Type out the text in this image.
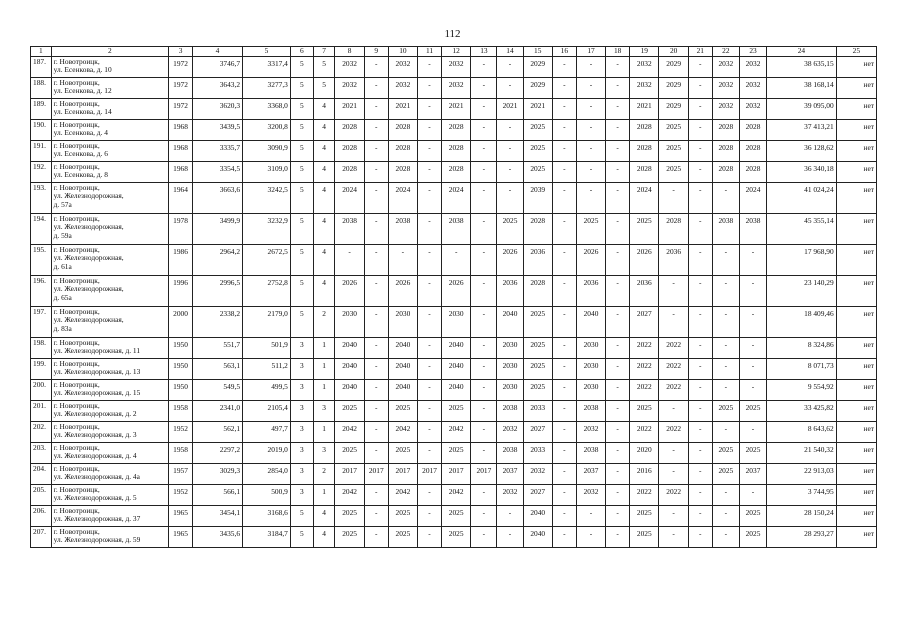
112
1	2	3	4	5	6	7	8	9	10	11	12	13	14	15	16	17	18	19	20	21	22	23	24	25
187.	г. Новотроицк,
ул. Есенкова, д. 10	1972	3746,7	3317,4	5	5	2032	-	2032	-	2032	-	-	2029	-	-	-	2032	2029	-	2032	2032	38 635,15	нет
188.	г. Новотроицк,
ул. Есенкова, д. 12	1972	3643,2	3277,3	5	5	2032	-	2032	-	2032	-	-	2029	-	-	-	2032	2029	-	2032	2032	38 168,14	нет
189.	г. Новотроицк,
ул. Есенкова, д. 14	1972	3620,3	3368,0	5	4	2021	-	2021	-	2021	-	2021	2021	-	-	-	2021	2029	-	2032	2032	39 095,00	нет
190.	г. Новотроицк,
ул. Есенкова, д. 4	1968	3439,5	3200,8	5	4	2028	-	2028	-	2028	-	-	2025	-	-	-	2028	2025	-	2028	2028	37 413,21	нет
191.	г. Новотроицк,
ул. Есенкова, д. 6	1968	3335,7	3090,9	5	4	2028	-	2028	-	2028	-	-	2025	-	-	-	2028	2025	-	2028	2028	36 128,62	нет
192.	г. Новотроицк,
ул. Есенкова, д. 8	1968	3354,5	3109,0	5	4	2028	-	2028	-	2028	-	-	2025	-	-	-	2028	2025	-	2028	2028	36 340,18	нет
193.	г. Новотроицк,
ул. Железнодорожная,
д. 57а	1964	3663,6	3242,5	5	4	2024	-	2024	-	2024	-	-	2039	-	-	-	2024	-	-	-	2024	41 024,24	нет
194.	г. Новотроицк,
ул. Железнодорожная,
д. 59а	1978	3499,9	3232,9	5	4	2038	-	2038	-	2038	-	2025	2028	-	2025	-	2025	2028	-	2038	2038	45 355,14	нет
195.	г. Новотроицк,
ул. Железнодорожная,
д. 61а	1986	2964,2	2672,5	5	4	-	-	-	-	-	-	2026	2036	-	2026	-	2026	2036	-	-	-	17 968,90	нет
196.	г. Новотроицк,
ул. Железнодорожная,
д. 65а	1996	2996,5	2752,8	5	4	2026	-	2026	-	2026	-	2036	2028	-	2036	-	2036	-	-	-	-	23 140,29	нет
197.	г. Новотроицк,
ул. Железнодорожная,
д. 83а	2000	2338,2	2179,0	5	2	2030	-	2030	-	2030	-	2040	2025	-	2040	-	2027	-	-	-	-	18 409,46	нет
198.	г. Новотроицк,
ул. Железнодорожная, д. 11	1950	551,7	501,9	3	1	2040	-	2040	-	2040	-	2030	2025	-	2030	-	2022	2022	-	-	-	8 324,86	нет
199.	г. Новотроицк,
ул. Железнодорожная, д. 13	1950	563,1	511,2	3	1	2040	-	2040	-	2040	-	2030	2025	-	2030	-	2022	2022	-	-	-	8 071,73	нет
200.	г. Новотроицк,
ул. Железнодорожная, д. 15	1950	549,5	499,5	3	1	2040	-	2040	-	2040	-	2030	2025	-	2030	-	2022	2022	-	-	-	9 554,92	нет
201.	г. Новотроицк,
ул. Железнодорожная, д. 2	1958	2341,0	2105,4	3	3	2025	-	2025	-	2025	-	2038	2033	-	2038	-	2025	-	-	2025	2025	33 425,82	нет
202.	г. Новотроицк,
ул. Железнодорожная, д. 3	1952	562,1	497,7	3	1	2042	-	2042	-	2042	-	2032	2027	-	2032	-	2022	2022	-	-	-	8 643,62	нет
203.	г. Новотроицк,
ул. Железнодорожная, д. 4	1958	2297,2	2019,0	3	3	2025	-	2025	-	2025	-	2038	2033	-	2038	-	2020	-	-	2025	2025	21 540,32	нет
204.	г. Новотроицк,
ул. Железнодорожная, д. 4а	1957	3029,3	2854,0	3	2	2017	2017	2017	2017	2017	2017	2037	2032	-	2037	-	2016	-	-	2025	2037	22 913,03	нет
205.	г. Новотроицк,
ул. Железнодорожная, д. 5	1952	566,1	500,9	3	1	2042	-	2042	-	2042	-	2032	2027	-	2032	-	2022	2022	-	-	-	3 744,95	нет
206.	г. Новотроицк,
ул. Железнодорожная, д. 37	1965	3454,1	3168,6	5	4	2025	-	2025	-	2025	-	-	2040	-	-	-	2025	-	-	-	2025	28 150,24	нет
207.	г. Новотроицк,
ул. Железнодорожная, д. 59	1965	3435,6	3184,7	5	4	2025	-	2025	-	2025	-	-	2040	-	-	-	2025	-	-	-	2025	28 293,27	нет
